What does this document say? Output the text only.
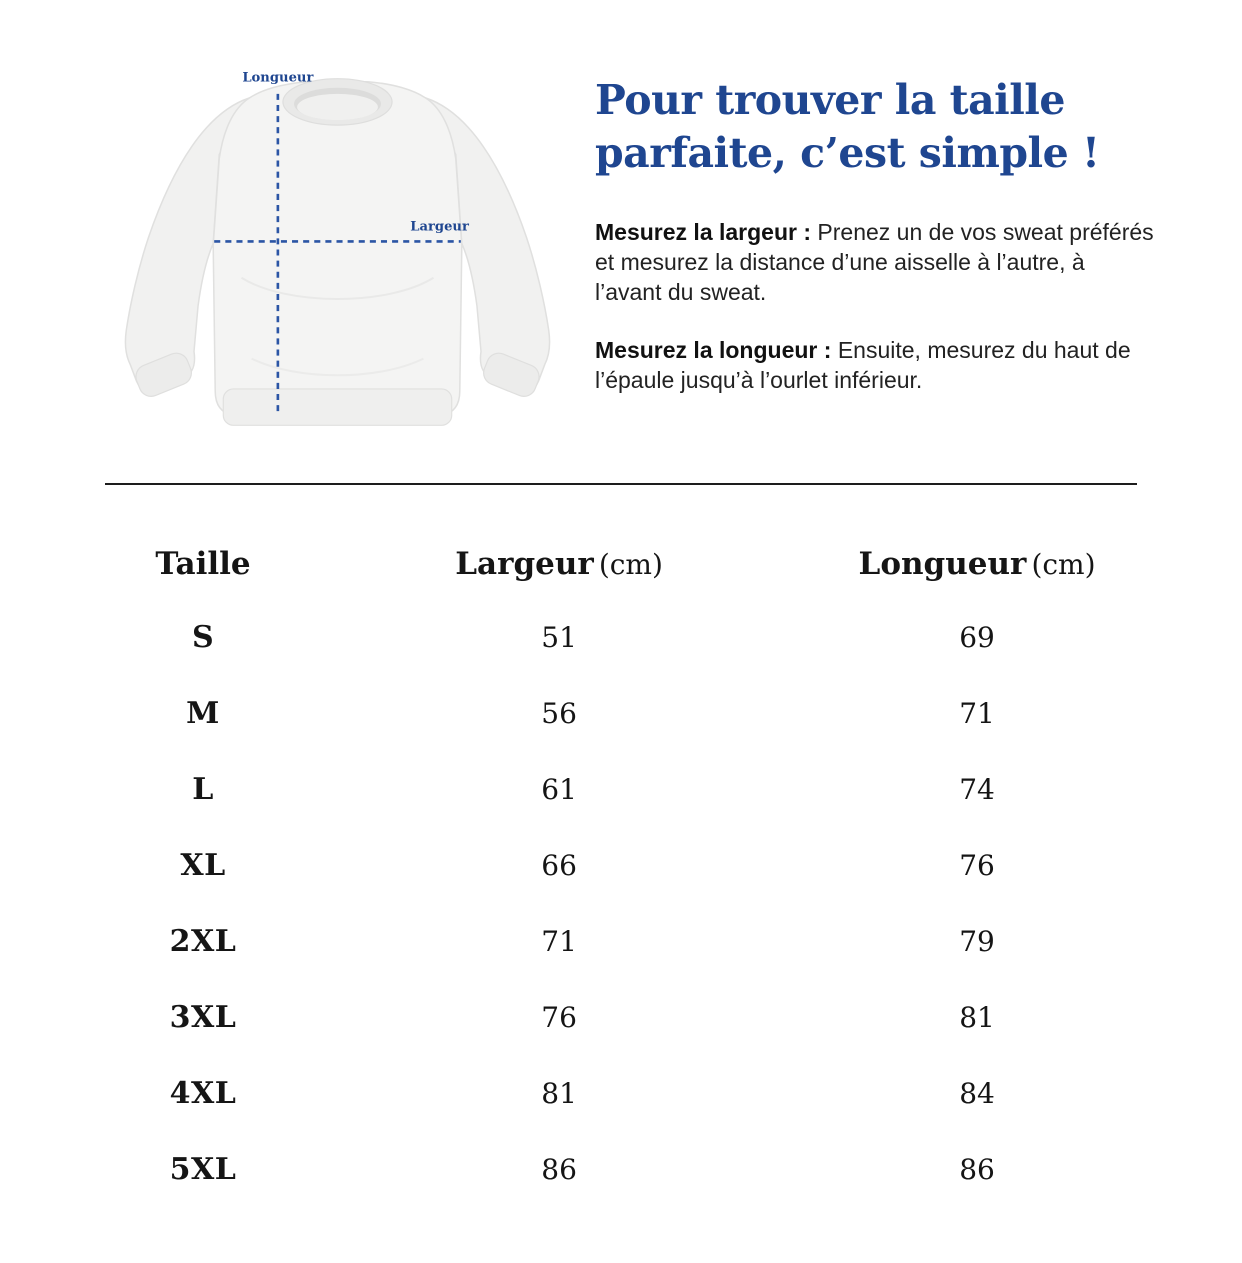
Longueur
Largeur
Pour trouver la taille
parfaite, c’est simple !

Mesurez la largeur : Prenez un de vos sweat préférés et mesurez la distance d’une aisselle à l’autre, à l’avant du sweat.

Mesurez la longueur : Ensuite, mesurez du haut de l’épaule jusqu’à l’ourlet inférieur.

Taille	Largeur (cm)	Longueur (cm)
S	51	69
M	56	71
L	61	74
XL	66	76
2XL	71	79
3XL	76	81
4XL	81	84
5XL	86	86
